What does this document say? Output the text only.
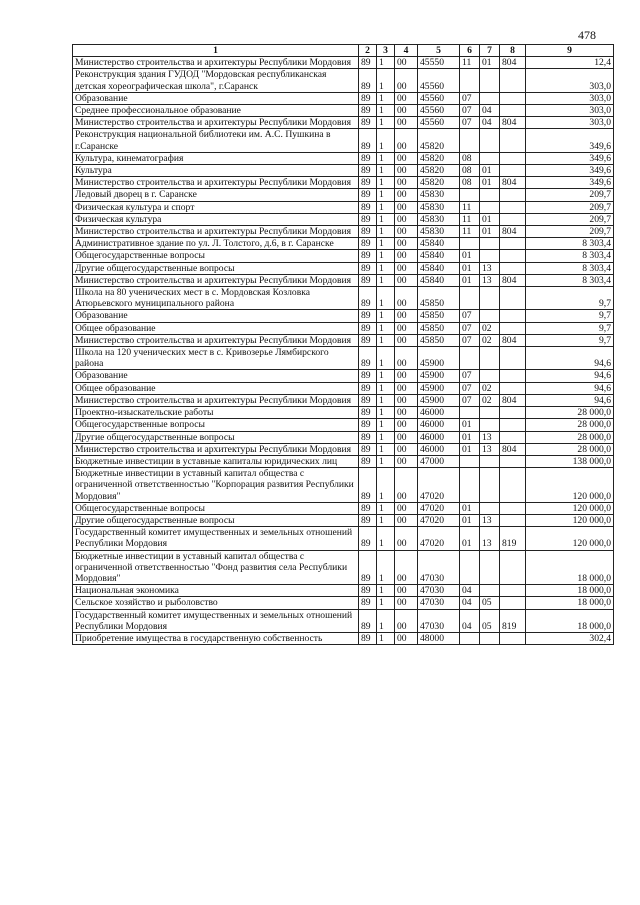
478
1	2	3	4	5	6	7	8	9
Министерство строительства и архитектуры Республики Мордовия	89	1	00	45550	11	01	804	12,4
Реконструкция здания ГУДОД "Мордовская республиканская детская хореографическая школа", г.Саранск	89	1	00	45560				303,0
Образование	89	1	00	45560	07			303,0
Среднее профессиональное образование	89	1	00	45560	07	04		303,0
Министерство строительства и архитектуры Республики Мордовия	89	1	00	45560	07	04	804	303,0
Реконструкция национальной библиотеки им. А.С. Пушкина в г.Саранске	89	1	00	45820				349,6
Культура, кинематография	89	1	00	45820	08			349,6
Культура	89	1	00	45820	08	01		349,6
Министерство строительства и архитектуры Республики Мордовия	89	1	00	45820	08	01	804	349,6
Ледовый дворец в г. Саранске	89	1	00	45830				209,7
Физическая культура и спорт	89	1	00	45830	11			209,7
Физическая культура	89	1	00	45830	11	01		209,7
Министерство строительства и архитектуры Республики Мордовия	89	1	00	45830	11	01	804	209,7
Административное здание по ул. Л. Толстого, д.6, в г. Саранске	89	1	00	45840				8 303,4
Общегосударственные вопросы	89	1	00	45840	01			8 303,4
Другие общегосударственные вопросы	89	1	00	45840	01	13		8 303,4
Министерство строительства и архитектуры Республики Мордовия	89	1	00	45840	01	13	804	8 303,4
Школа на 80 ученических мест в с. Мордовская Козловка Атюрьевского муниципального района	89	1	00	45850				9,7
Образование	89	1	00	45850	07			9,7
Общее образование	89	1	00	45850	07	02		9,7
Министерство строительства и архитектуры Республики Мордовия	89	1	00	45850	07	02	804	9,7
Школа на 120 ученических мест в с. Кривозерье Лямбирского района	89	1	00	45900				94,6
Образование	89	1	00	45900	07			94,6
Общее образование	89	1	00	45900	07	02		94,6
Министерство строительства и архитектуры Республики Мордовия	89	1	00	45900	07	02	804	94,6
Проектно-изыскательские работы	89	1	00	46000				28 000,0
Общегосударственные вопросы	89	1	00	46000	01			28 000,0
Другие общегосударственные вопросы	89	1	00	46000	01	13		28 000,0
Министерство строительства и архитектуры Республики Мордовия	89	1	00	46000	01	13	804	28 000,0
Бюджетные инвестиции в уставные капиталы юридических лиц	89	1	00	47000				138 000,0
Бюджетные инвестиции в уставный капитал общества с ограниченной ответственностью "Корпорация развития Республики Мордовия"	89	1	00	47020				120 000,0
Общегосударственные вопросы	89	1	00	47020	01			120 000,0
Другие общегосударственные вопросы	89	1	00	47020	01	13		120 000,0
Государственный комитет имущественных и земельных отношений Республики Мордовия	89	1	00	47020	01	13	819	120 000,0
Бюджетные инвестиции в уставный капитал общества с ограниченной ответственностью "Фонд развития села Республики Мордовия"	89	1	00	47030				18 000,0
Национальная экономика	89	1	00	47030	04			18 000,0
Сельское хозяйство и рыболовство	89	1	00	47030	04	05		18 000,0
Государственный комитет имущественных и земельных отношений Республики Мордовия	89	1	00	47030	04	05	819	18 000,0
Приобретение имущества в государственную собственность	89	1	00	48000				302,4
